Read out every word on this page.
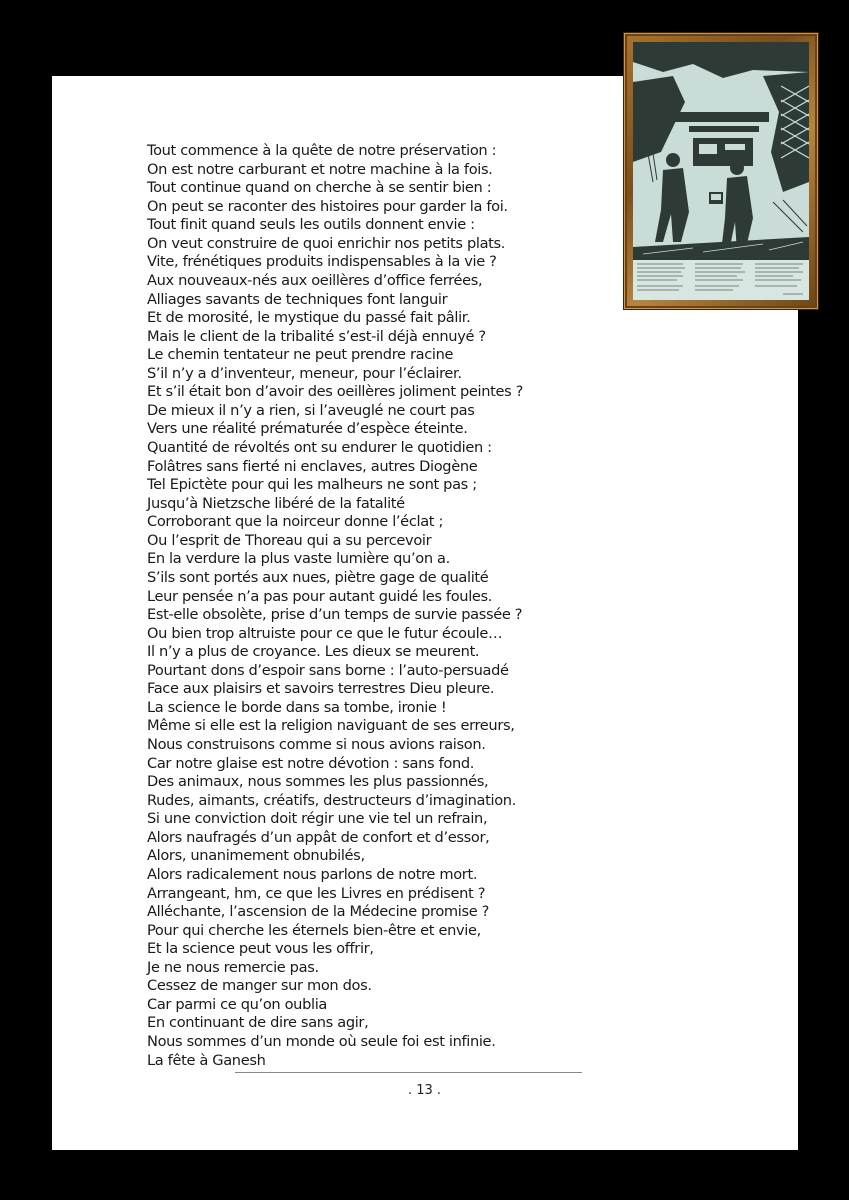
Tout commence à la quête de notre préservation :
On est notre carburant et notre machine à la fois.
Tout continue quand on cherche à se sentir bien :
On peut se raconter des histoires pour garder la foi.
Tout finit quand seuls les outils donnent envie :
On veut construire de quoi enrichir nos petits plats.
Vite, frénétiques produits indispensables à la vie ?
Aux nouveaux-nés aux oeillères d’office ferrées,
Alliages savants de techniques font languir
Et de morosité, le mystique du passé fait pâlir.
Mais le client de la tribalité s’est-il déjà ennuyé ?
Le chemin tentateur ne peut prendre racine
S’il n’y a d’inventeur, meneur, pour l’éclairer.
Et s’il était bon d’avoir des oeillères joliment peintes ?
De mieux il n’y a rien, si l’aveuglé ne court pas
Vers une réalité prématurée d’espèce éteinte.
Quantité de révoltés ont su endurer le quotidien :
Folâtres sans fierté ni enclaves, autres Diogène
Tel Epictète pour qui les malheurs ne sont pas ;
Jusqu’à Nietzsche libéré de la fatalité
Corroborant que la noirceur donne l’éclat ;
Ou l’esprit de Thoreau qui a su percevoir
En la verdure la plus vaste lumière qu’on a.
S’ils sont portés aux nues, piètre gage de qualité
Leur pensée n’a pas pour autant guidé les foules.
Est-elle obsolète, prise d’un temps de survie passée ?
Ou bien trop altruiste pour ce que le futur écoule…
Il n’y a plus de croyance. Les dieux se meurent.
Pourtant dons d’espoir sans borne : l’auto-persuadé
Face aux plaisirs et savoirs terrestres Dieu pleure.
La science le borde dans sa tombe, ironie !
Même si elle est la religion naviguant de ses erreurs,
Nous construisons comme si nous avions raison.
Car notre glaise est notre dévotion : sans fond.
Des animaux, nous sommes les plus passionnés,
Rudes, aimants, créatifs, destructeurs d’imagination.
Si une conviction doit régir une vie tel un refrain,
Alors naufragés d’un appât de confort et d’essor,
Alors, unanimement obnubilés,
Alors radicalement nous parlons de notre mort.
Arrangeant, hm, ce que les Livres en prédisent ?
Alléchante, l’ascension de la Médecine promise ?
Pour qui cherche les éternels bien-être et envie,
Et la science peut vous les offrir,
Je ne nous remercie pas.
Cessez de manger sur mon dos.
Car parmi ce qu’on oublia
En continuant de dire sans agir,
Nous sommes d’un monde où seule foi est infinie.
La fête à Ganesh
. 13 .
